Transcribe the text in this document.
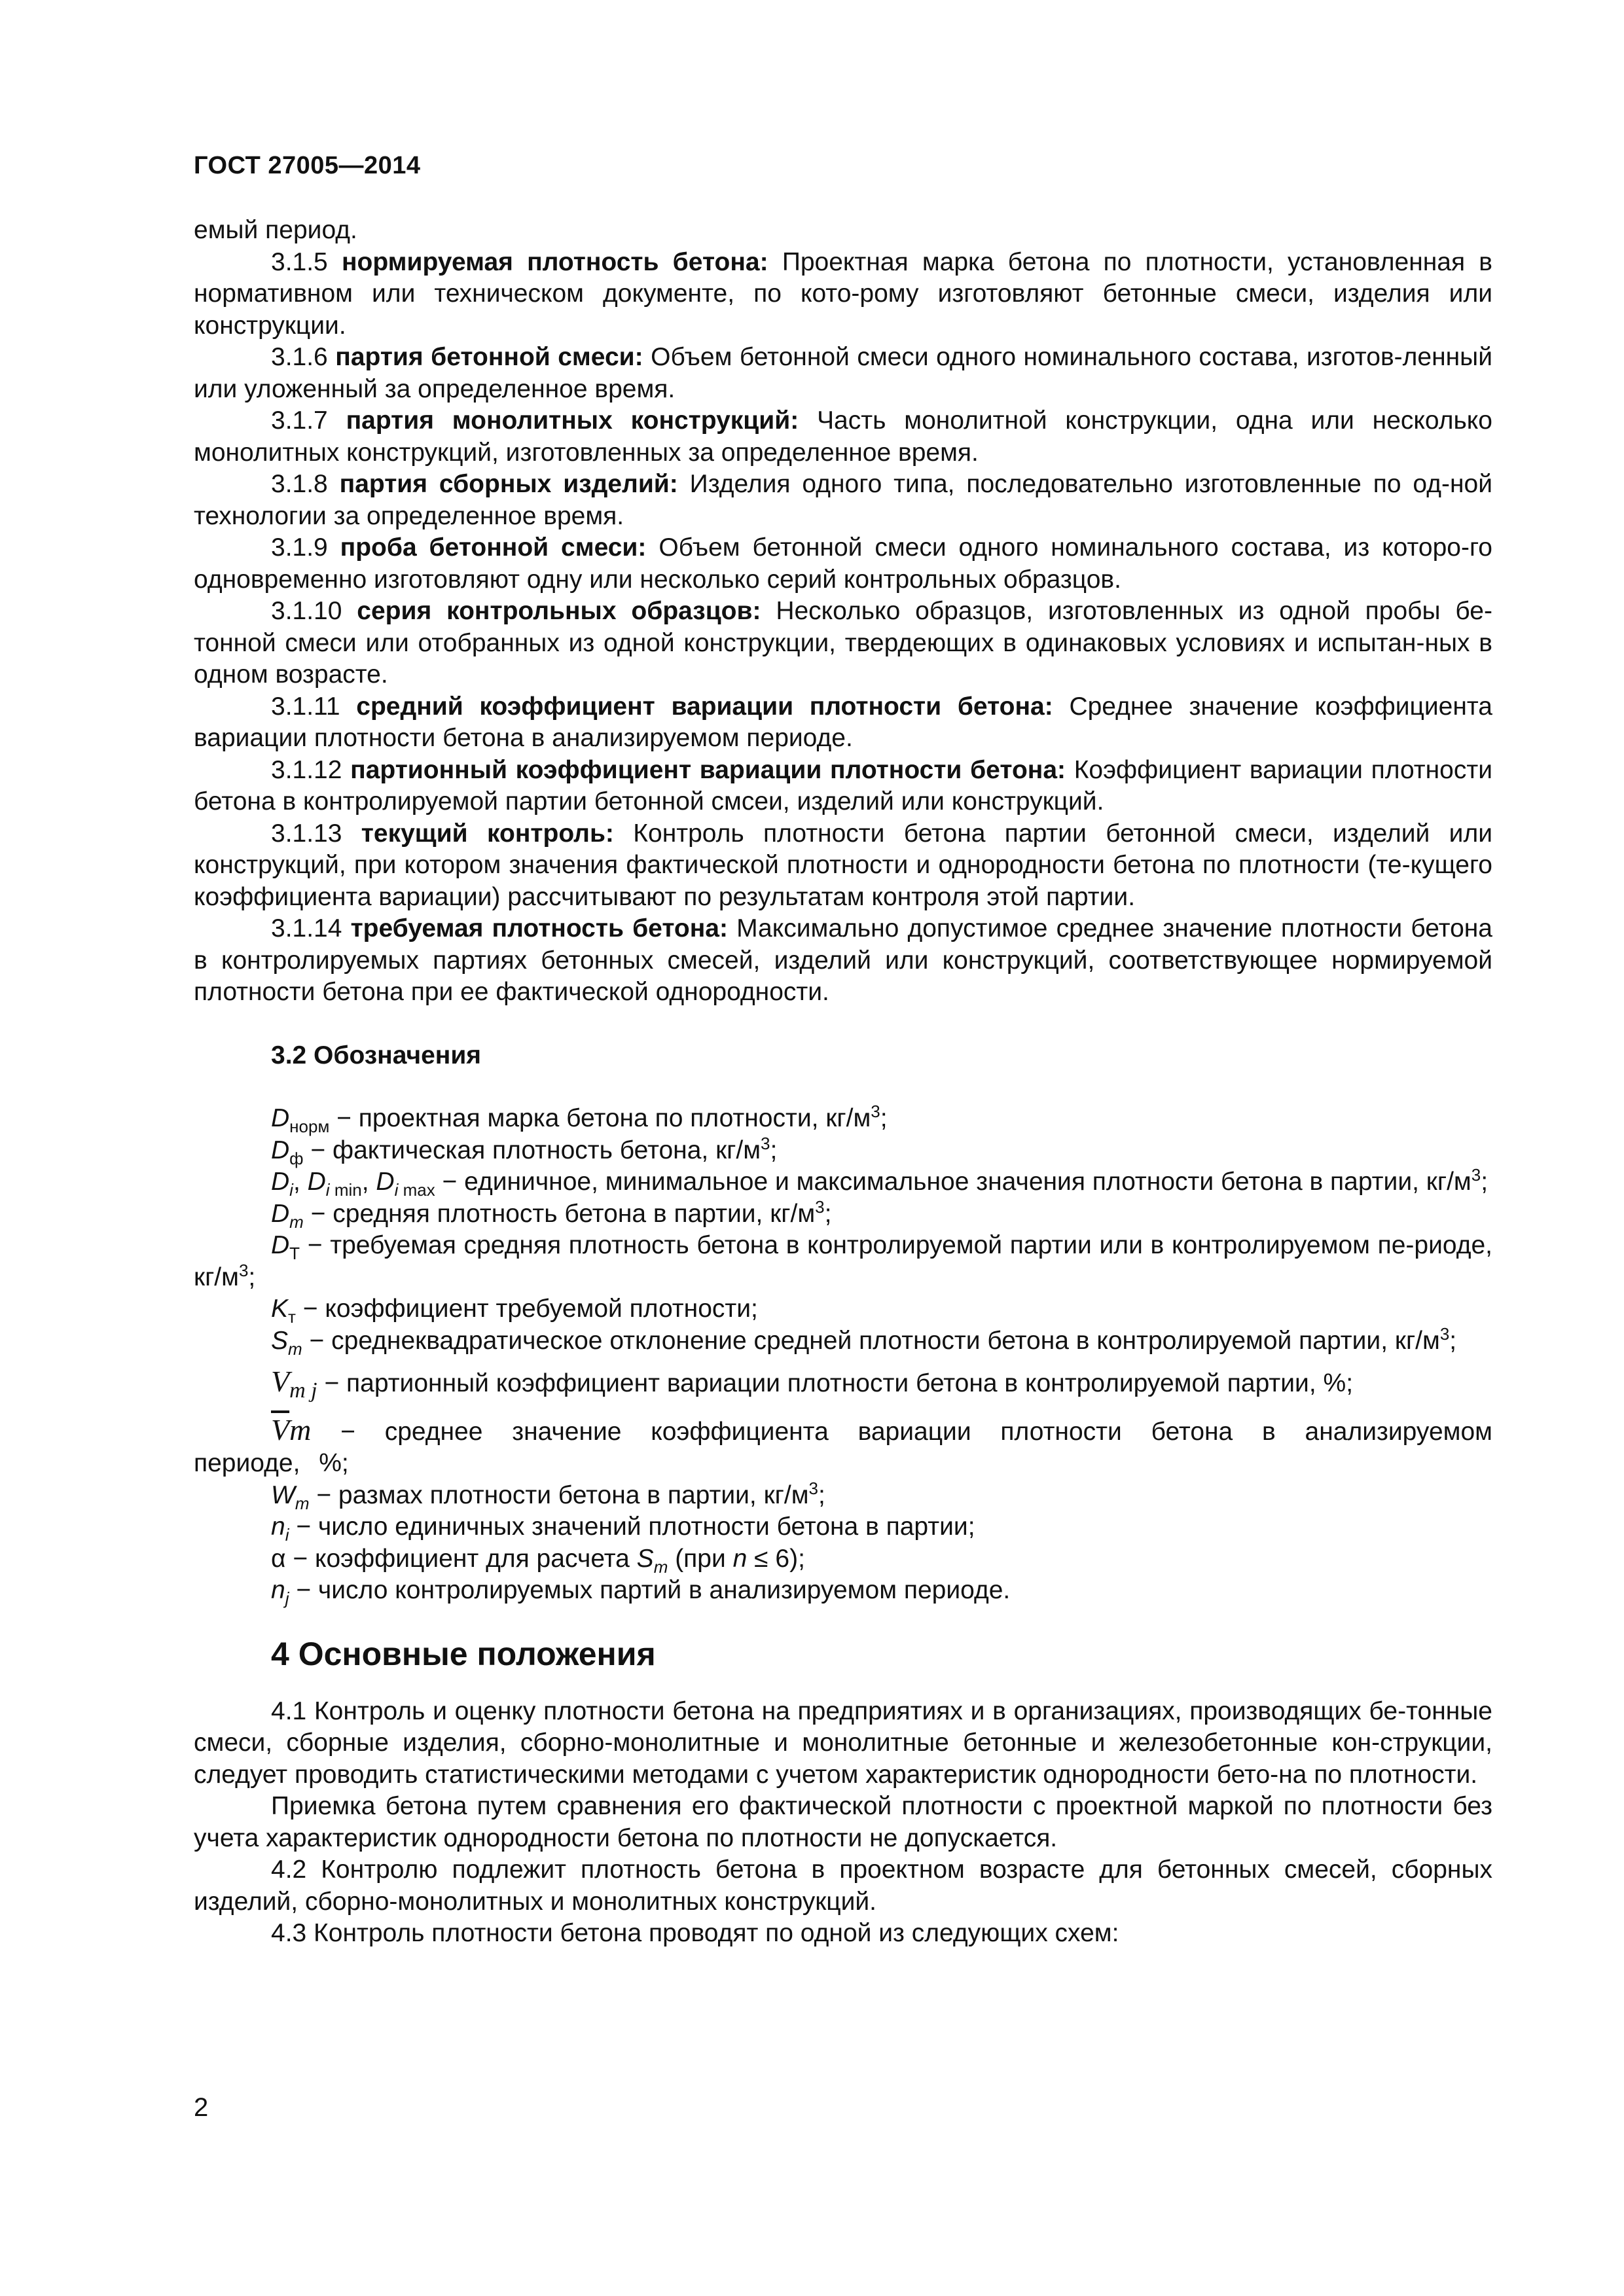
ГОСТ 27005—2014

емый период.

3.1.5 нормируемая плотность бетона: Проектная марка бетона по плотности, установленная в нормативном или техническом документе, по кото-рому изготовляют бетонные смеси, изделия или конструкции.

3.1.6 партия бетонной смеси: Объем бетонной смеси одного номинального состава, изготов-ленный или уложенный за определенное время.

3.1.7 партия монолитных конструкций: Часть монолитной конструкции, одна или несколько монолитных конструкций, изготовленных за определенное время.

3.1.8 партия сборных изделий: Изделия одного типа, последовательно изготовленные по од-ной технологии за определенное время.

3.1.9 проба бетонной смеси: Объем бетонной смеси одного номинального состава, из которо-го одновременно изготовляют одну или несколько серий контрольных образцов.

3.1.10 серия контрольных образцов: Несколько образцов, изготовленных из одной пробы бе-тонной смеси или отобранных из одной конструкции, твердеющих в одинаковых условиях и испытан-ных в одном возрасте.

3.1.11 средний коэффициент вариации плотности бетона: Среднее значение коэффициента вариации плотности бетона в анализируемом периоде.

3.1.12 партионный коэффициент вариации плотности бетона: Коэффициент вариации плотности бетона в контролируемой партии бетонной смсеи, изделий или конструкций.

3.1.13 текущий контроль: Контроль плотности бетона партии бетонной смеси, изделий или конструкций, при котором значения фактической плотности и однородности бетона по плотности (те-кущего коэффициента вариации) рассчитывают по результатам контроля этой партии.

3.1.14 требуемая плотность бетона: Максимально допустимое среднее значение плотности бетона в контролируемых партиях бетонных смесей, изделий или конструкций, соответствующее нормируемой плотности бетона при ее фактической однородности.

3.2 Обозначения

$D_{норм}$ − проектная марка бетона по плотности, $кг/м^3$;

$D_ф$ − фактическая плотность бетона, $кг/м^3$;

$D_i$, $D_{i min}$, $D_{i max}$ − единичное, минимальное и максимальное значения плотности бетона в партии, $кг/м^3$;

$D_m$ − средняя плотность бетона в партии, $кг/м^3$;

$D_Т$ − требуемая средняя плотность бетона в контролируемой партии или в контролируемом пе-риоде, $кг/м^3$;

$K_т$ − коэффициент требуемой плотности;

$S_m$ − среднеквадратическое отклонение средней плотности бетона в контролируемой партии, $кг/м^3$;

$V_{m j}$ − партионный коэффициент вариации плотности бетона в контролируемой партии, %;

$\overline{V}m$ − среднее значение коэффициента вариации плотности бетона в анализируемом периоде, %;

$W_m$ − размах плотности бетона в партии, $кг/м^3$;

$n_i$ − число единичных значений плотности бетона в партии;

α − коэффициент для расчета $S_m$ (при n ≤ 6);

$n_j$ − число контролируемых партий в анализируемом периоде.

4 Основные положения

4.1 Контроль и оценку плотности бетона на предприятиях и в организациях, производящих бе-тонные смеси, сборные изделия, сборно-монолитные и монолитные бетонные и железобетонные кон-струкции, следует проводить статистическими методами с учетом характеристик однородности бето-на по плотности.

Приемка бетона путем сравнения его фактической плотности с проектной маркой по плотности без учета характеристик однородности бетона по плотности не допускается.

4.2 Контролю подлежит плотность бетона в проектном возрасте для бетонных смесей, сборных изделий, сборно-монолитных и монолитных конструкций.

4.3 Контроль плотности бетона проводят по одной из следующих схем:

2
